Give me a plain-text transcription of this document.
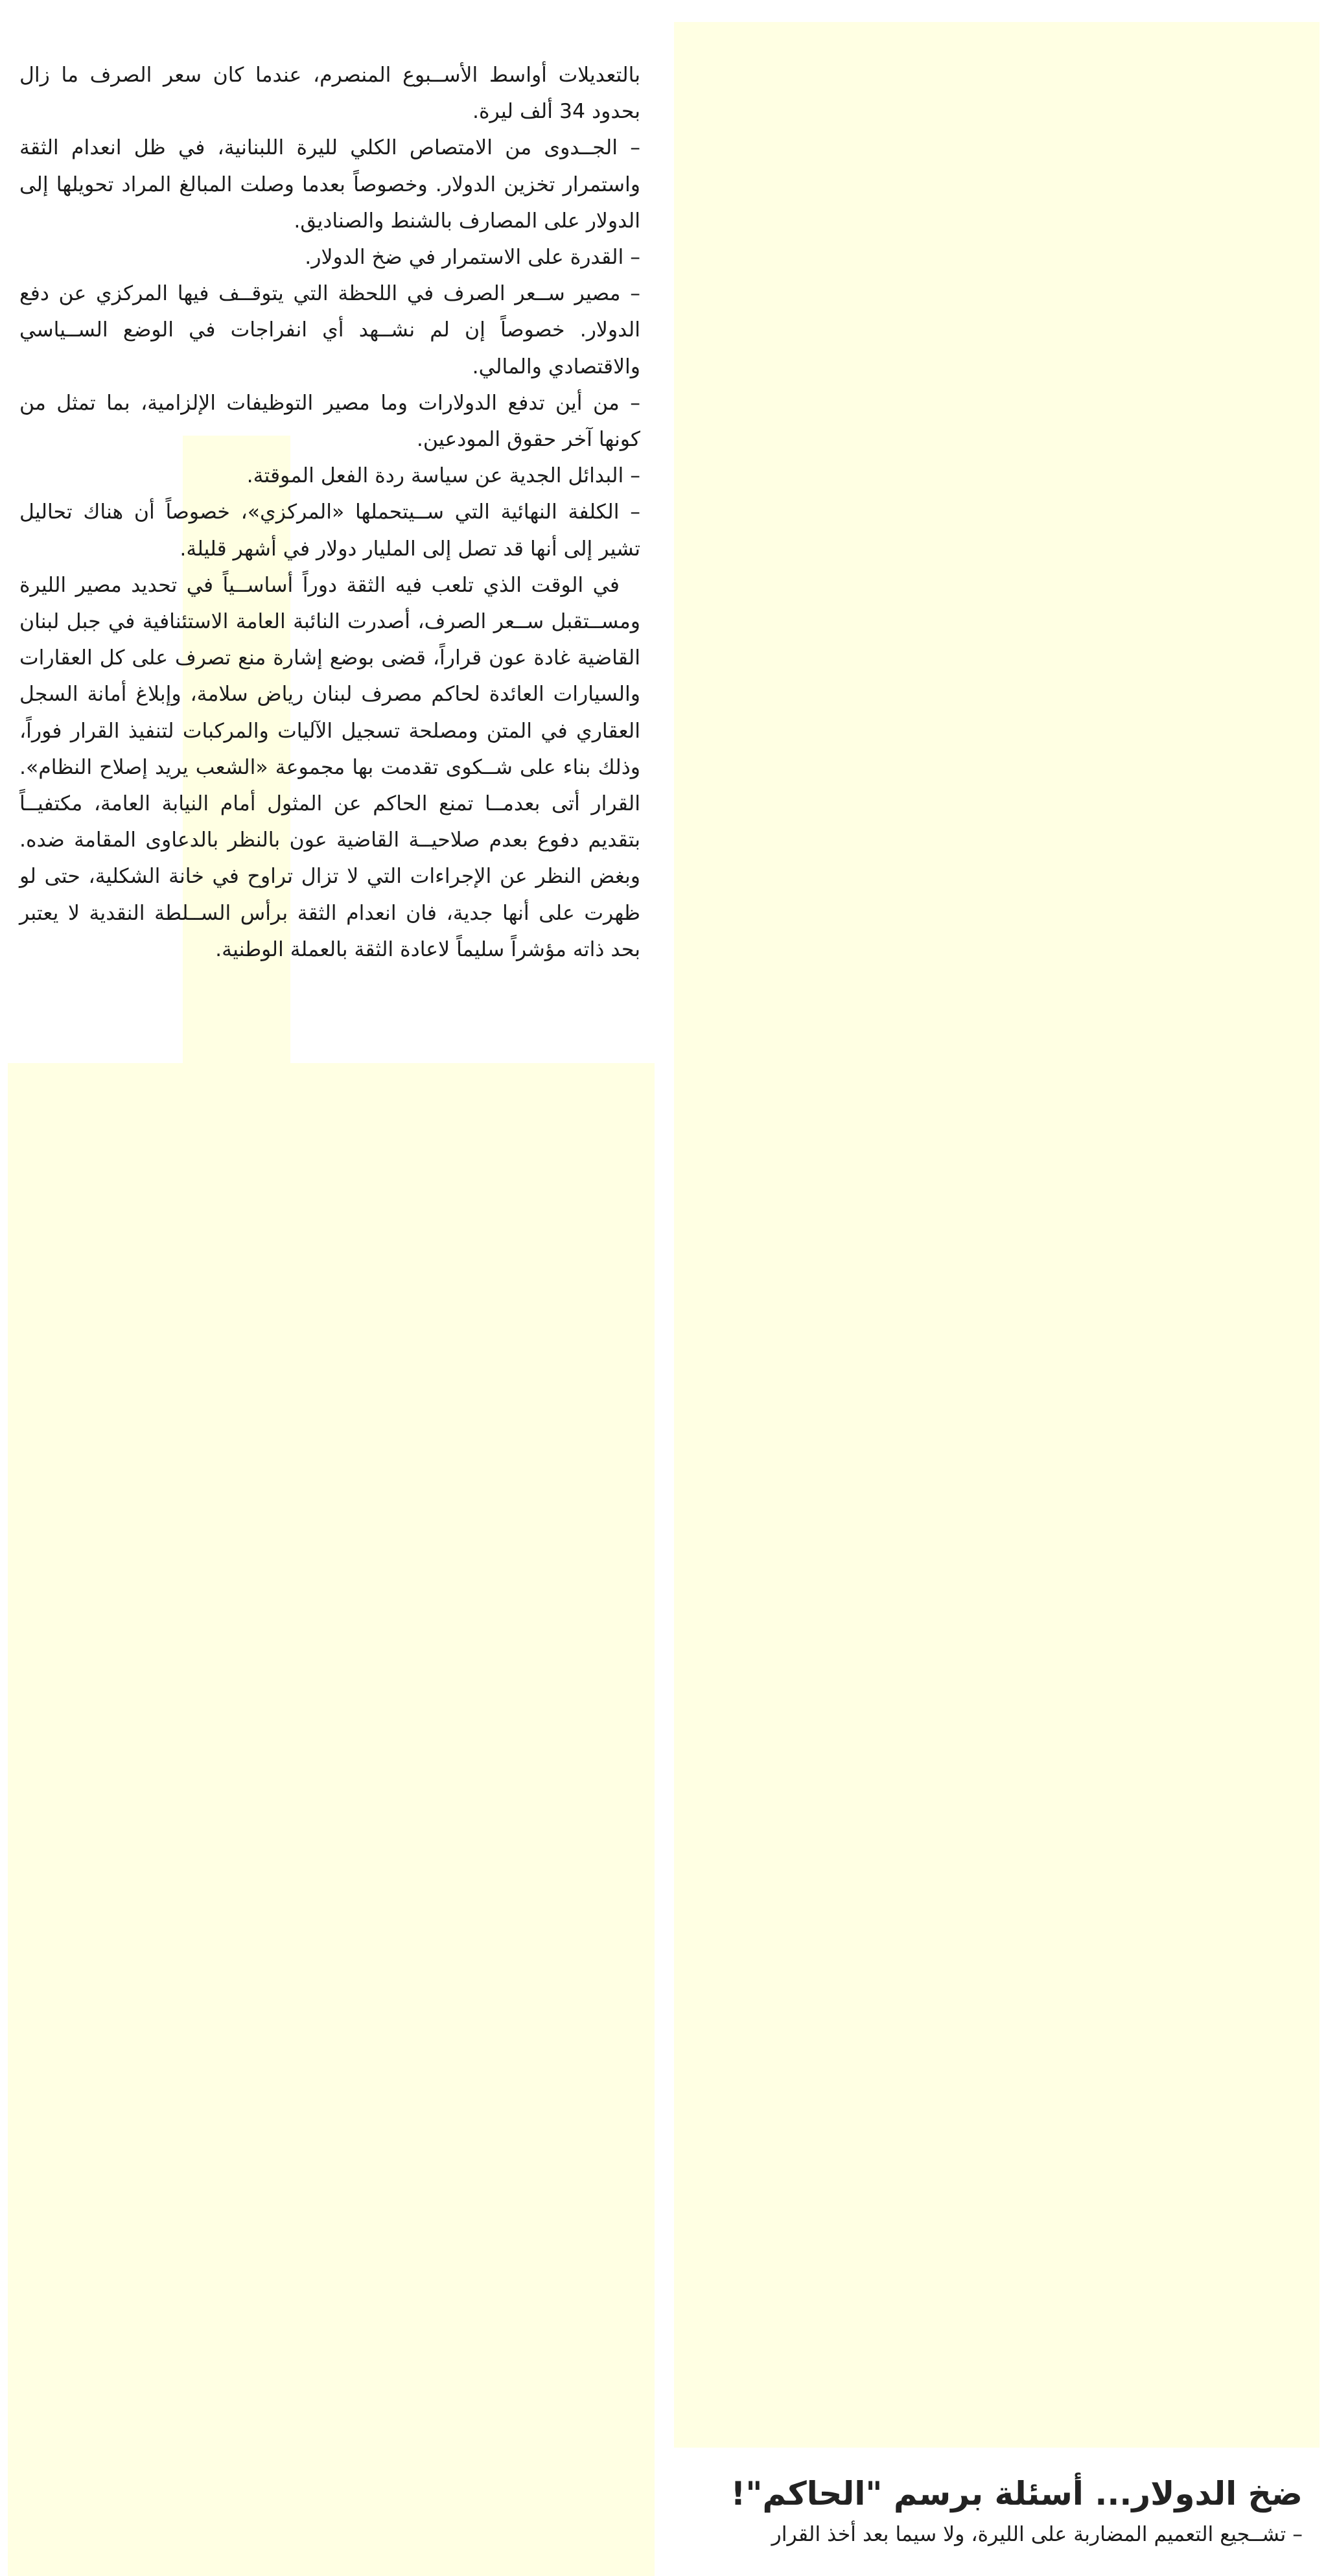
بالتعديلات أواسط الأســبوع المنصرم، عندما كان سعر الصرف ما زال بحدود 34 ألف ليرة.

– الجــدوى من الامتصاص الكلي لليرة اللبنانية، في ظل انعدام الثقة واستمرار تخزين الدولار. وخصوصاً بعدما وصلت المبالغ المراد تحويلها إلى الدولار على المصارف بالشنط والصناديق.

– القدرة على الاستمرار في ضخ الدولار.

– مصير ســعر الصرف في اللحظة التي يتوقــف فيها المركزي عن دفع الدولار. خصوصاً إن لم نشــهد أي انفراجات في الوضع الســياسي والاقتصادي والمالي.

– من أين تدفع الدولارات وما مصير التوظيفات الإلزامية، بما تمثل من كونها آخر حقوق المودعين.

– البدائل الجدية عن سياسة ردة الفعل الموقتة.

– الكلفة النهائية التي ســيتحملها «المركزي»، خصوصاً أن هناك تحاليل تشير إلى أنها قد تصل إلى المليار دولار في أشهر قليلة.

في الوقت الذي تلعب فيه الثقة دوراً أساســياً في تحديد مصير الليرة ومســتقبل ســعر الصرف، أصدرت النائبة العامة الاستئنافية في جبل لبنان القاضية غادة عون قراراً، قضى بوضع إشارة منع تصرف على كل العقارات والسيارات العائدة لحاكم مصرف لبنان رياض سلامة، وإبلاغ أمانة السجل العقاري في المتن ومصلحة تسجيل الآليات والمركبات لتنفيذ القرار فوراً، وذلك بناء على شــكوى تقدمت بها مجموعة «الشعب يريد إصلاح النظام». القرار أتى بعدمــا تمنع الحاكم عن المثول أمام النيابة العامة، مكتفيــاً بتقديم دفوع بعدم صلاحيــة القاضية عون بالنظر بالدعاوى المقامة ضده. وبغض النظر عن الإجراءات التي لا تزال تراوح في خانة الشكلية، حتى لو ظهرت على أنها جدية، فان انعدام الثقة برأس الســلطة النقدية لا يعتبر بحد ذاته مؤشراً سليماً لاعادة الثقة بالعملة الوطنية.

ضخ الدولار... أسئلة برسم "الحاكم"!

– تشــجيع التعميم المضاربة على الليرة، ولا سيما بعد أخذ القرار
